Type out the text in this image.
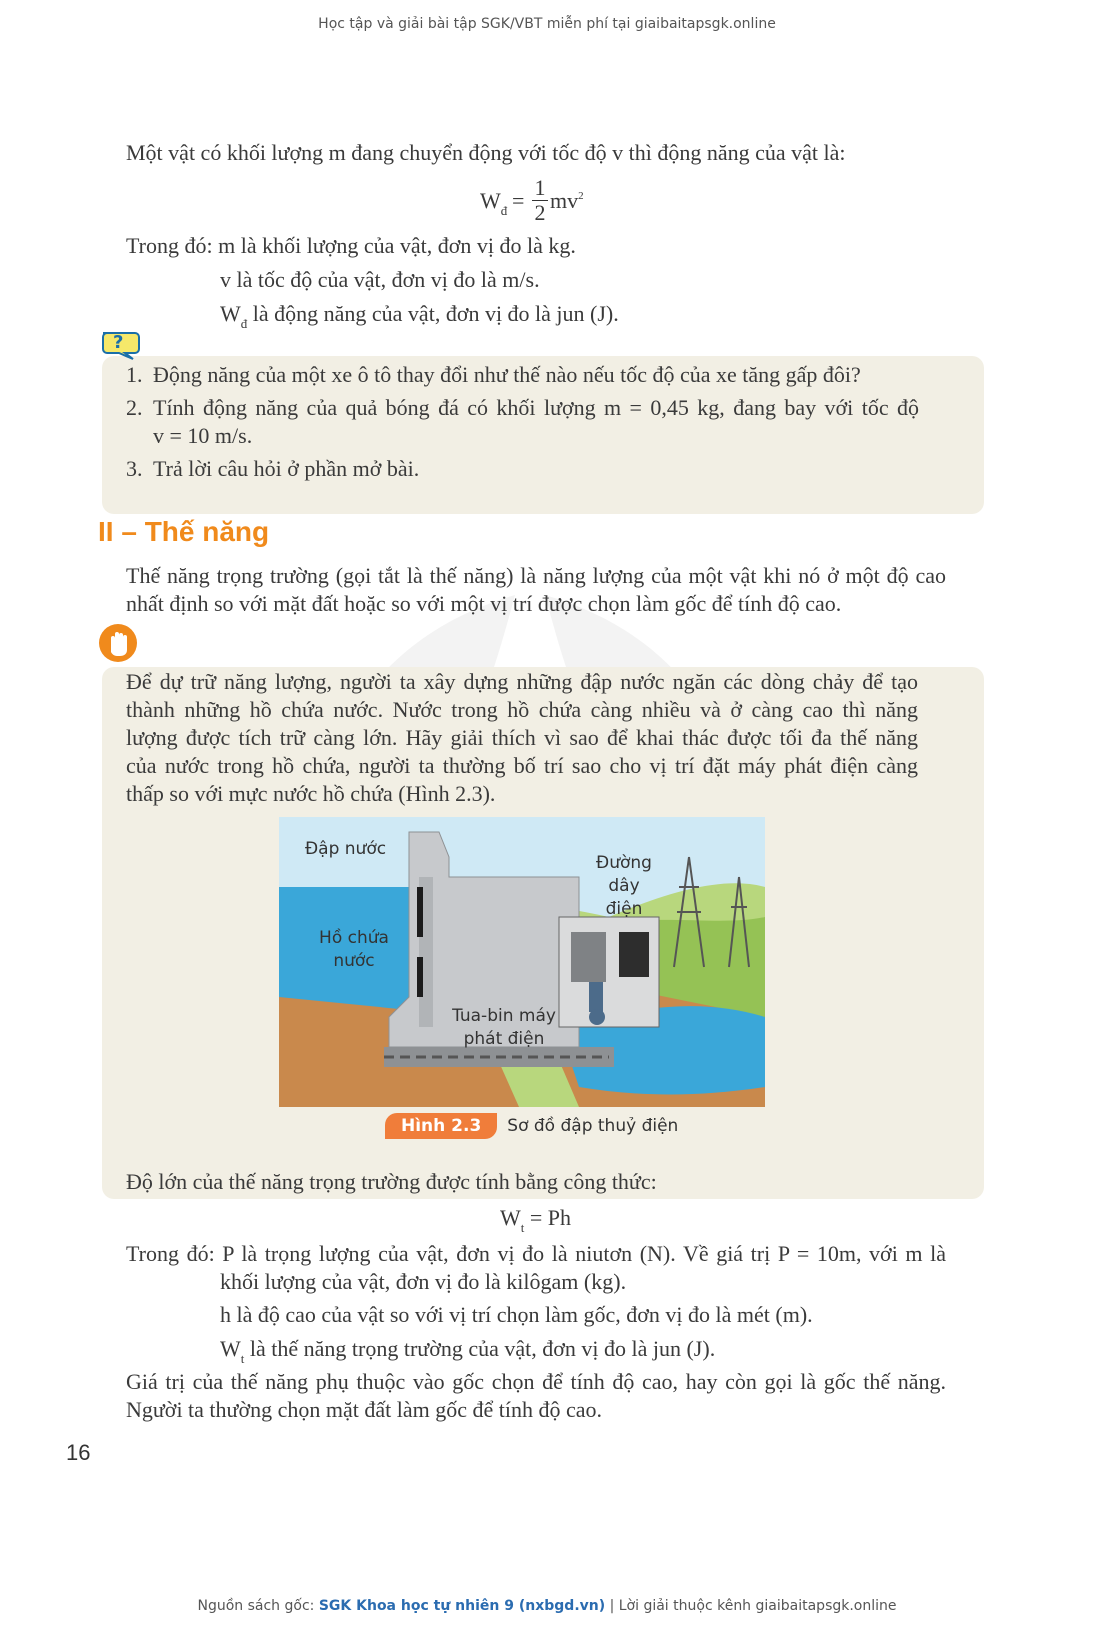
Học tập và giải bài tập SGK/VBT miễn phí tại giaibaitapsgk.online
Một vật có khối lượng m đang chuyển động với tốc độ v thì động năng của vật là:
$W_đ$ =
1
2 $mv^2$
Trong đó: m là khối lượng của vật, đơn vị đo là kg.
v là tốc độ của vật, đơn vị đo là m/s.
$W_đ$ là động năng của vật, đơn vị đo là jun (J).
?
1. Động năng của một xe ô tô thay đổi như thế nào nếu tốc độ của xe tăng gấp đôi?
2. Tính động năng của quả bóng đá có khối lượng m = 0,45 kg, đang bay với tốc độ
v = 10 m/s.
3. Trả lời câu hỏi ở phần mở bài.
II – Thế năng
Thế năng trọng trường (gọi tắt là thế năng) là năng lượng của một vật khi nó ở một độ cao
nhất định so với mặt đất hoặc so với một vị trí được chọn làm gốc để tính độ cao.
Để dự trữ năng lượng, người ta xây dựng những đập nước ngăn các dòng chảy để tạo
thành những hồ chứa nước. Nước trong hồ chứa càng nhiều và ở càng cao thì năng
lượng được tích trữ càng lớn. Hãy giải thích vì sao để khai thác được tối đa thế năng
của nước trong hồ chứa, người ta thường bố trí sao cho vị trí đặt máy phát điện càng
thấp so với mực nước hồ chứa (Hình 2.3).
Đập nước
Đường
dây điện
Hồ chứa
nước
Tua-bin máy
phát điện
Hình 2.3	Sơ đồ đập thuỷ điện
Độ lớn của thế năng trọng trường được tính bằng công thức:
$W_t = Ph$
Trong đó: P là trọng lượng của vật, đơn vị đo là niutơn (N). Về giá trị P = 10m, với m là
khối lượng của vật, đơn vị đo là kilôgam (kg).
h là độ cao của vật so với vị trí chọn làm gốc, đơn vị đo là mét (m).
$W_t$ là thế năng trọng trường của vật, đơn vị đo là jun (J).
Giá trị của thế năng phụ thuộc vào gốc chọn để tính độ cao, hay còn gọi là gốc thế năng.
Người ta thường chọn mặt đất làm gốc để tính độ cao.
16
Nguồn sách gốc: SGK Khoa học tự nhiên 9 (nxbgd.vn) | Lời giải thuộc kênh giaibaitapsgk.online
